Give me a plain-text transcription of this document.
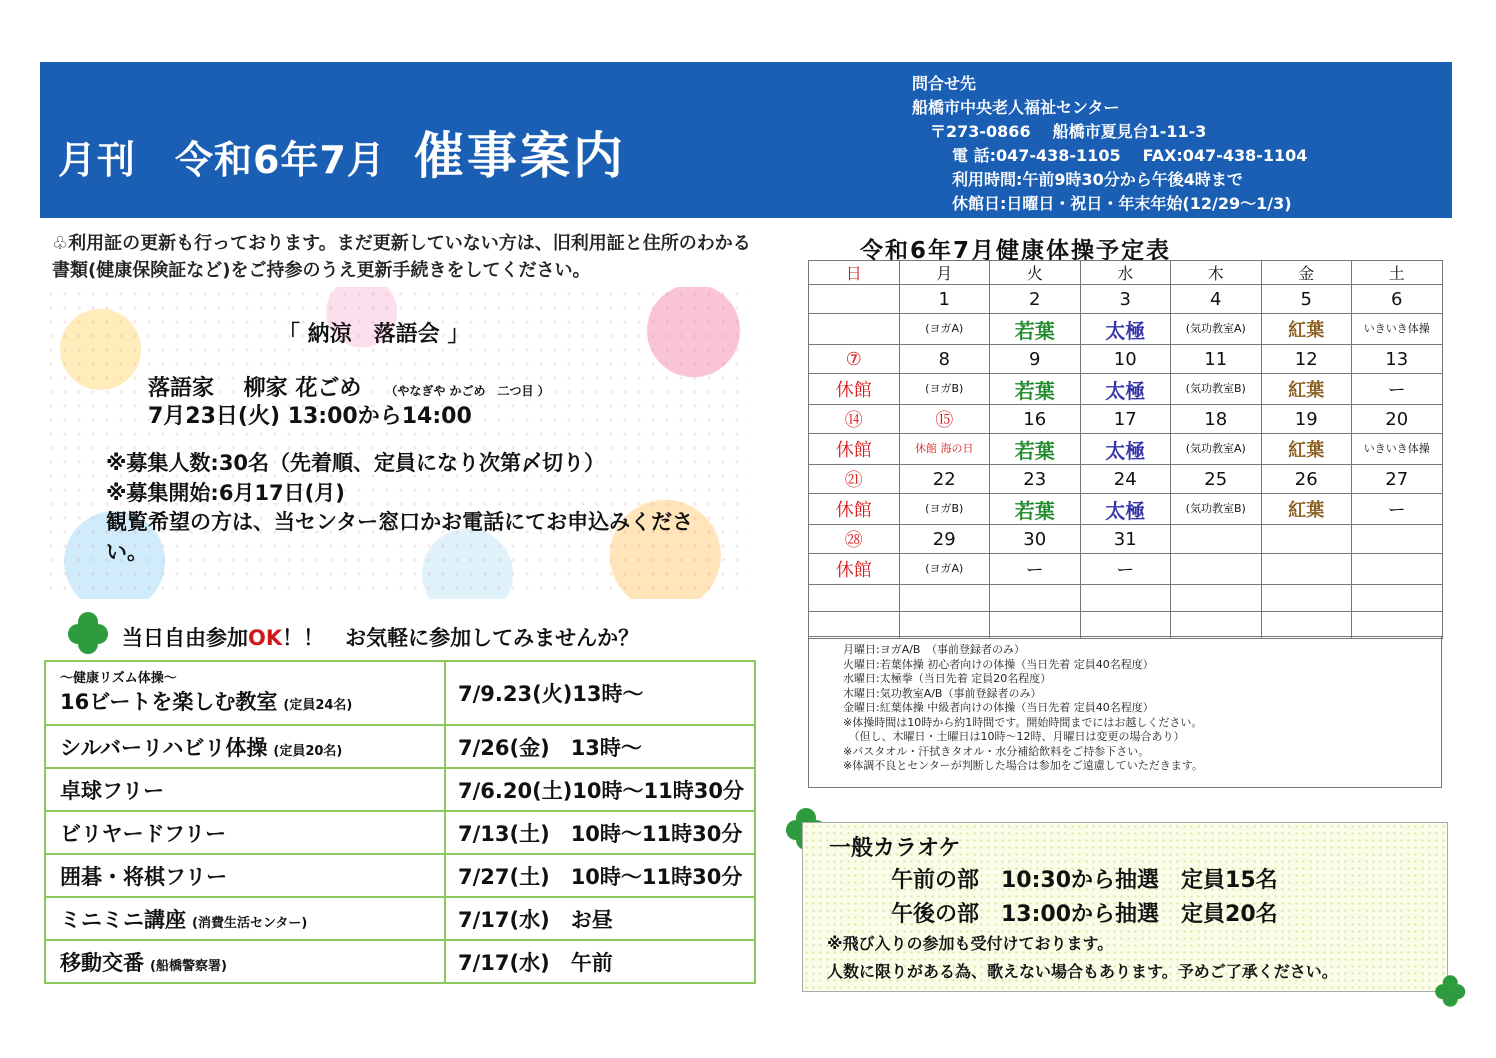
月刊　令和6年7月 催事案内
問合せ先
船橋市中央老人福祉センター
〒273-0866 船橋市夏見台1-11-3
電 話:047-438-1105 FAX:047-438-1104
利用時間:午前9時30分から午後4時まで
休館日:日曜日・祝日・年末年始(12/29～1/3)
♧利用証の更新も行っております。まだ更新していない方は、旧利用証と住所のわかる書類(健康保険証など)をご持参のうえ更新手続きをしてください。
「 納涼　落語会 」
落語家　 柳家 花ごめ （やなぎや かごめ　二つ目 ）
7月23日(火) 13:00から14:00
※募集人数:30名（先着順、定員になり次第〆切り）
※募集開始:6月17日(月)
観覧希望の方は、当センター窓口かお電話にてお申込みください。
当日自由参加OK！！　お気軽に参加してみませんか？
～健康リズム体操～
16ビートを楽しむ教室 (定員24名)	7/9.23(火)13時～
シルバーリハビリ体操 (定員20名)	7/26(金)　13時～
卓球フリー	7/6.20(土)10時～11時30分
ビリヤードフリー	7/13(土)　10時～11時30分
囲碁・将棋フリー	7/27(土)　10時～11時30分
ミニミニ講座 (消費生活センター)	7/17(水)　お昼
移動交番 (船橋警察署)	7/17(水)　午前
令和6年7月健康体操予定表
日	月	火	水	木	金	土
	1	2	3	4	5	6
	(ヨガA)	若葉	太極	(気功教室A)	紅葉	いきいき体操
⑦	8	9	10	11	12	13
休館	(ヨガB)	若葉	太極	(気功教室B)	紅葉	ー
⑭	⑮	16	17	18	19	20
休館	休館 海の日	若葉	太極	(気功教室A)	紅葉	いきいき体操
㉑	22	23	24	25	26	27
休館	(ヨガB)	若葉	太極	(気功教室B)	紅葉	ー
㉘	29	30	31			
休館	(ヨガA)	ー	ー			

月曜日:ヨガA/B　（事前登録者のみ）
火曜日:若葉体操 初心者向けの体操（当日先着 定員40名程度）
水曜日:太極拳（当日先着 定員20名程度）
木曜日:気功教室A/B（事前登録者のみ）
金曜日:紅葉体操 中級者向けの体操（当日先着 定員40名程度）
※体操時間は10時から約1時間です。開始時間までにはお越しください。
　（但し、木曜日・土曜日は10時～12時、月曜日は変更の場合あり）
※バスタオル・汗拭きタオル・水分補給飲料をご持参下さい。
※体調不良とセンターが判断した場合は参加をご遠慮していただきます。
一般カラオケ
午前の部　10:30から抽選　定員15名
午後の部　13:00から抽選　定員20名
※飛び入りの参加も受付けております。
人数に限りがある為、歌えない場合もあります。予めご了承ください。
